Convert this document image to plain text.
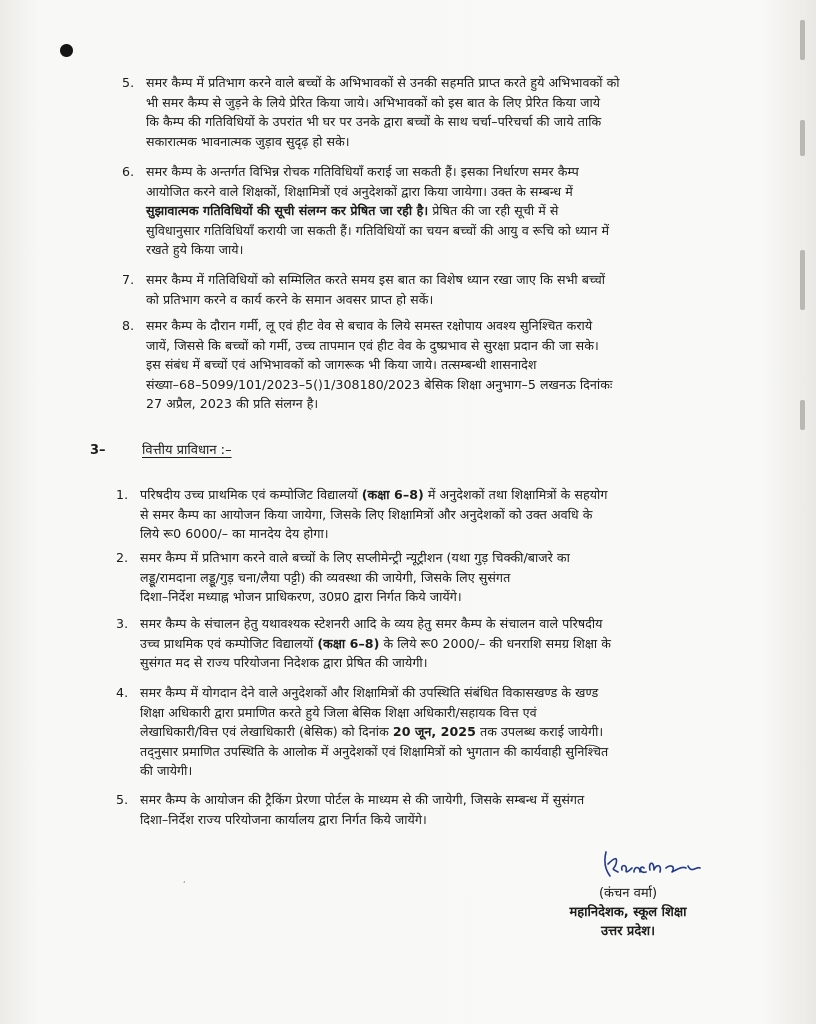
5. समर कैम्प में प्रतिभाग करने वाले बच्चों के अभिभावकों से उनकी सहमति प्राप्त करते हुये अभिभावकों को

भी समर कैम्प से जुड़ने के लिये प्रेरित किया जाये। अभिभावकों को इस बात के लिए प्रेरित किया जाये

कि कैम्प की गतिविधियों के उपरांत भी घर पर उनके द्वारा बच्चों के साथ चर्चा–परिचर्चा की जाये ताकि

सकारात्मक भावनात्मक जुड़ाव सुदृढ़ हो सके।

6. समर कैम्प के अन्तर्गत विभिन्न रोचक गतिविधियाँ कराई जा सकती हैं। इसका निर्धारण समर कैम्प

आयोजित करने वाले शिक्षकों, शिक्षामित्रों एवं अनुदेशकों द्वारा किया जायेगा। उक्त के सम्बन्ध में

सुझावात्मक गतिविधियों की सूची संलग्न कर प्रेषित जा रही है। प्रेषित की जा रही सूची में से

सुविधानुसार गतिविधियाँ करायी जा सकती हैं। गतिविधियों का चयन बच्चों की आयु व रूचि को ध्यान में

रखते हुये किया जाये।

7. समर कैम्प में गतिविधियों को सम्मिलित करते समय इस बात का विशेष ध्यान रखा जाए कि सभी बच्चों

को प्रतिभाग करने व कार्य करने के समान अवसर प्राप्त हो सकें।

8. समर कैम्प के दौरान गर्मी, लू एवं हीट वेव से बचाव के लिये समस्त रक्षोपाय अवश्य सुनिश्चित कराये

जायें, जिससे कि बच्चों को गर्मी, उच्च तापमान एवं हीट वेव के दुष्प्रभाव से सुरक्षा प्रदान की जा सके।

इस संबंध में बच्चों एवं अभिभावकों को जागरूक भी किया जाये। तत्सम्बन्धी शासनादेश

संख्या–68–5099/101/2023–5()1/308180/2023 बेसिक शिक्षा अनुभाग–5 लखनऊ दिनांकः

27 अप्रैल, 2023 की प्रति संलग्न है।

3–	वित्तीय प्राविधान :–
1. परिषदीय उच्च प्राथमिक एवं कम्पोजिट विद्यालयों (कक्षा 6–8) में अनुदेशकों तथा शिक्षामित्रों के सहयोग

से समर कैम्प का आयोजन किया जायेगा, जिसके लिए शिक्षामित्रों और अनुदेशकों को उक्त अवधि के

लिये रू0 6000/– का मानदेय देय होगा।

2. समर कैम्प में प्रतिभाग करने वाले बच्चों के लिए सप्लीमेन्ट्री न्यूट्रीशन (यथा गुड़ चिक्की/बाजरे का

लड्डू/रामदाना लड्डू/गुड़ चना/लैया पट्टी) की व्यवस्था की जायेगी, जिसके लिए सुसंगत

दिशा–निर्देश मध्याह्न भोजन प्राधिकरण, उ0प्र0 द्वारा निर्गत किये जायेंगे।

3. समर कैम्प के संचालन हेतु यथावश्यक स्टेशनरी आदि के व्यय हेतु समर कैम्प के संचालन वाले परिषदीय

उच्च प्राथमिक एवं कम्पोजिट विद्यालयों (कक्षा 6–8) के लिये रू0 2000/– की धनराशि समग्र शिक्षा के

सुसंगत मद से राज्य परियोजना निदेशक द्वारा प्रेषित की जायेगी।

4. समर कैम्प में योगदान देने वाले अनुदेशकों और शिक्षामित्रों की उपस्थिति संबंधित विकासखण्ड के खण्ड

शिक्षा अधिकारी द्वारा प्रमाणित करते हुये जिला बेसिक शिक्षा अधिकारी/सहायक वित्त एवं

लेखाधिकारी/वित्त एवं लेखाधिकारी (बेसिक) को दिनांक 20 जून, 2025 तक उपलब्ध कराई जायेगी।

तद्नुसार प्रमाणित उपस्थिति के आलोक में अनुदेशकों एवं शिक्षामित्रों को भुगतान की कार्यवाही सुनिश्चित

की जायेगी।

5. समर कैम्प के आयोजन की ट्रैकिंग प्रेरणा पोर्टल के माध्यम से की जायेगी, जिसके सम्बन्ध में सुसंगत

दिशा–निर्देश राज्य परियोजना कार्यालय द्वारा निर्गत किये जायेंगे।

‘
(कंचन वर्मा)
महानिदेशक, स्कूल शिक्षा
उत्तर प्रदेश।
